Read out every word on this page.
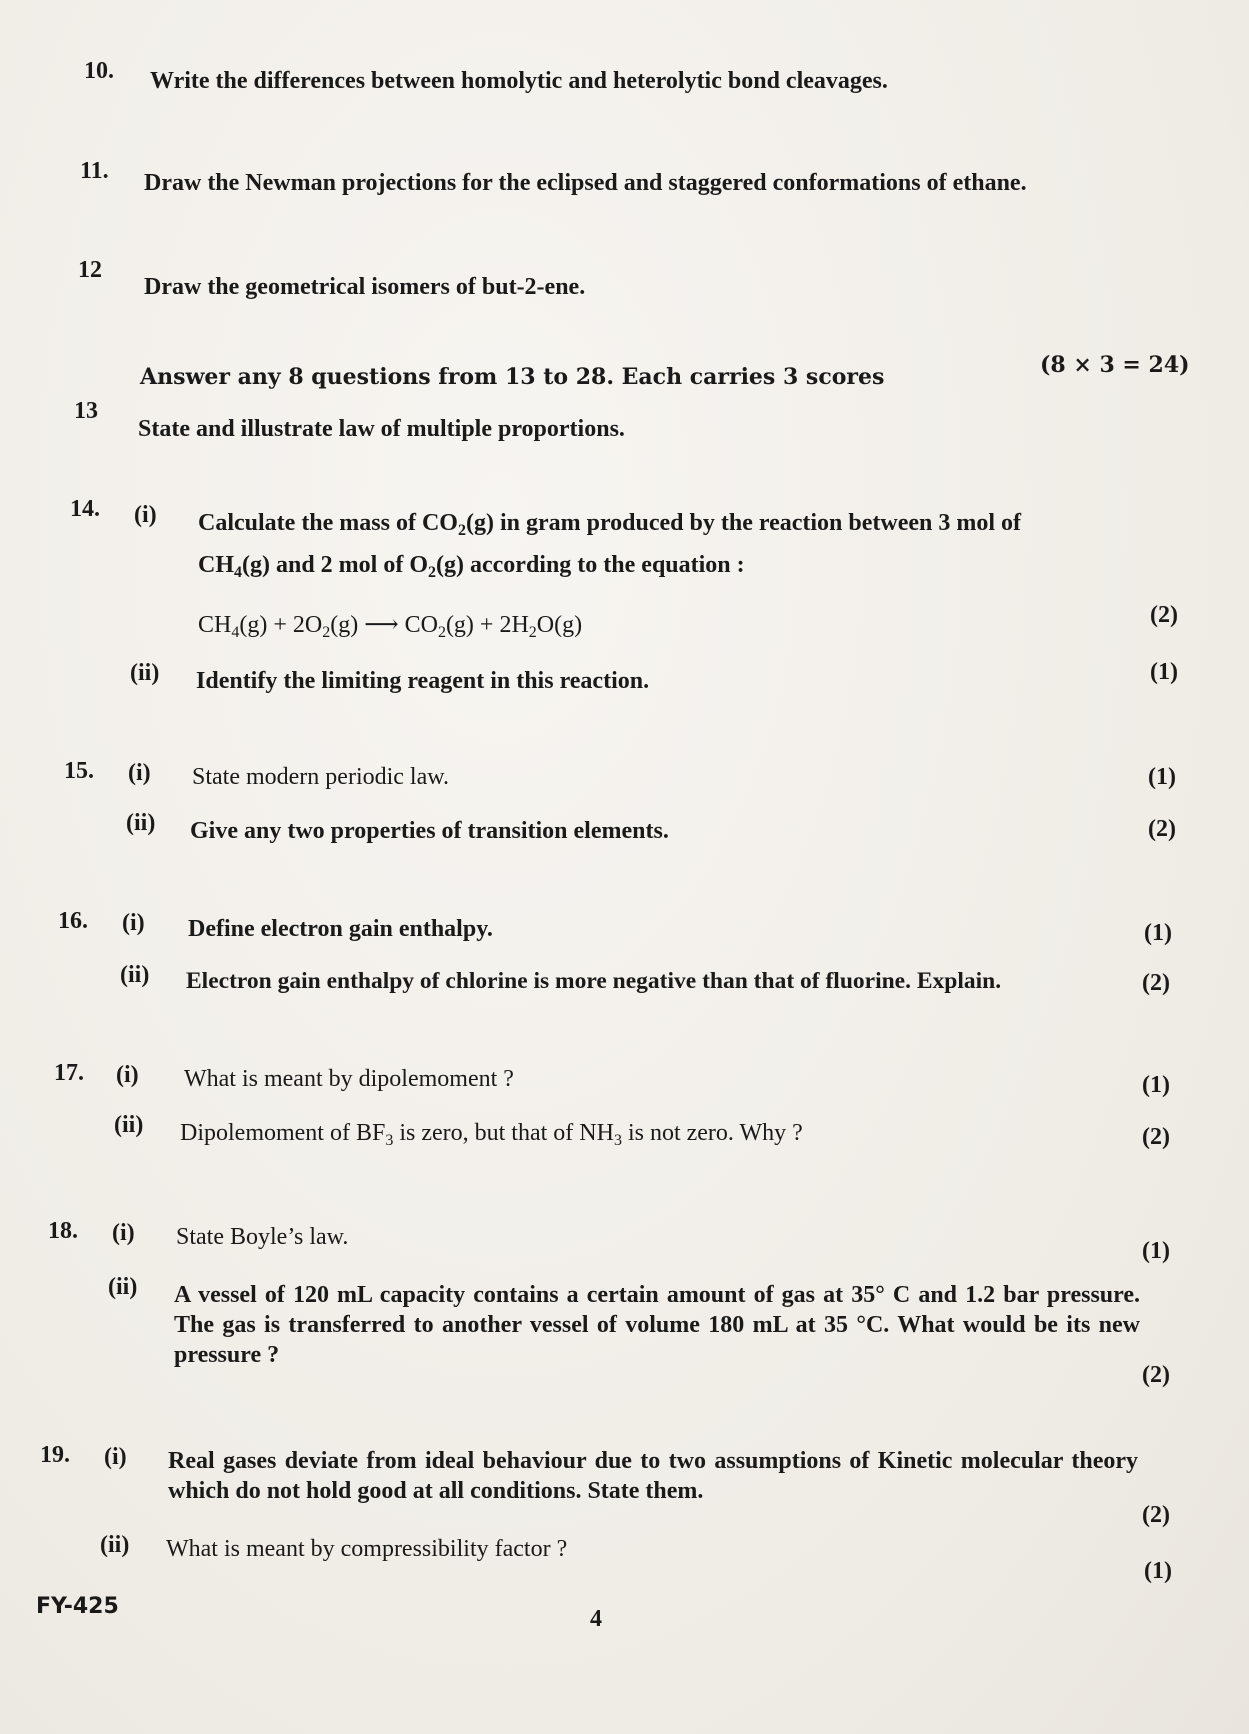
10. Write the differences between homolytic and heterolytic bond cleavages.
11. Draw the Newman projections for the eclipsed and staggered conformations of ethane.
12
Draw the geometrical isomers of but-2-ene.
Answer any 8 questions from 13 to 28. Each carries 3 scores	(8 × 3 = 24)
13
State and illustrate law of multiple proportions.
14. (i) Calculate the mass of $CO_2(g)$ in gram produced by the reaction between 3 mol of
$CH_4(g)$ and 2 mol of $O_2(g)$ according to the equation :
$CH_4(g) + 2O_2(g)$ ⟶ $CO_2(g) + 2H_2O(g)$	(2)
(ii) Identify the limiting reagent in this reaction.	(1)
15. (i) State modern periodic law.	(1)
(ii) Give any two properties of transition elements.	(2)
16. (i) Define electron gain enthalpy.	(1)
(ii) Electron gain enthalpy of chlorine is more negative than that of fluorine. Explain.	(2)
17. (i) What is meant by dipolemoment ?	(1)
(ii) Dipolemoment of $BF_3$ is zero, but that of $NH_3$ is not zero. Why ?	(2)
18. (i) State Boyle’s law.
(1)
(ii) A vessel of 120 mL capacity contains a certain amount of gas at 35° C and 1.2 bar pressure. The gas is transferred to another vessel of volume 180 mL at 35 °C. What would be its new pressure ?
(2)
19. (i) Real gases deviate from ideal behaviour due to two assumptions of Kinetic molecular theory which do not hold good at all conditions. State them.
(2)
(ii) What is meant by compressibility factor ?
(1)
FY-425	4
